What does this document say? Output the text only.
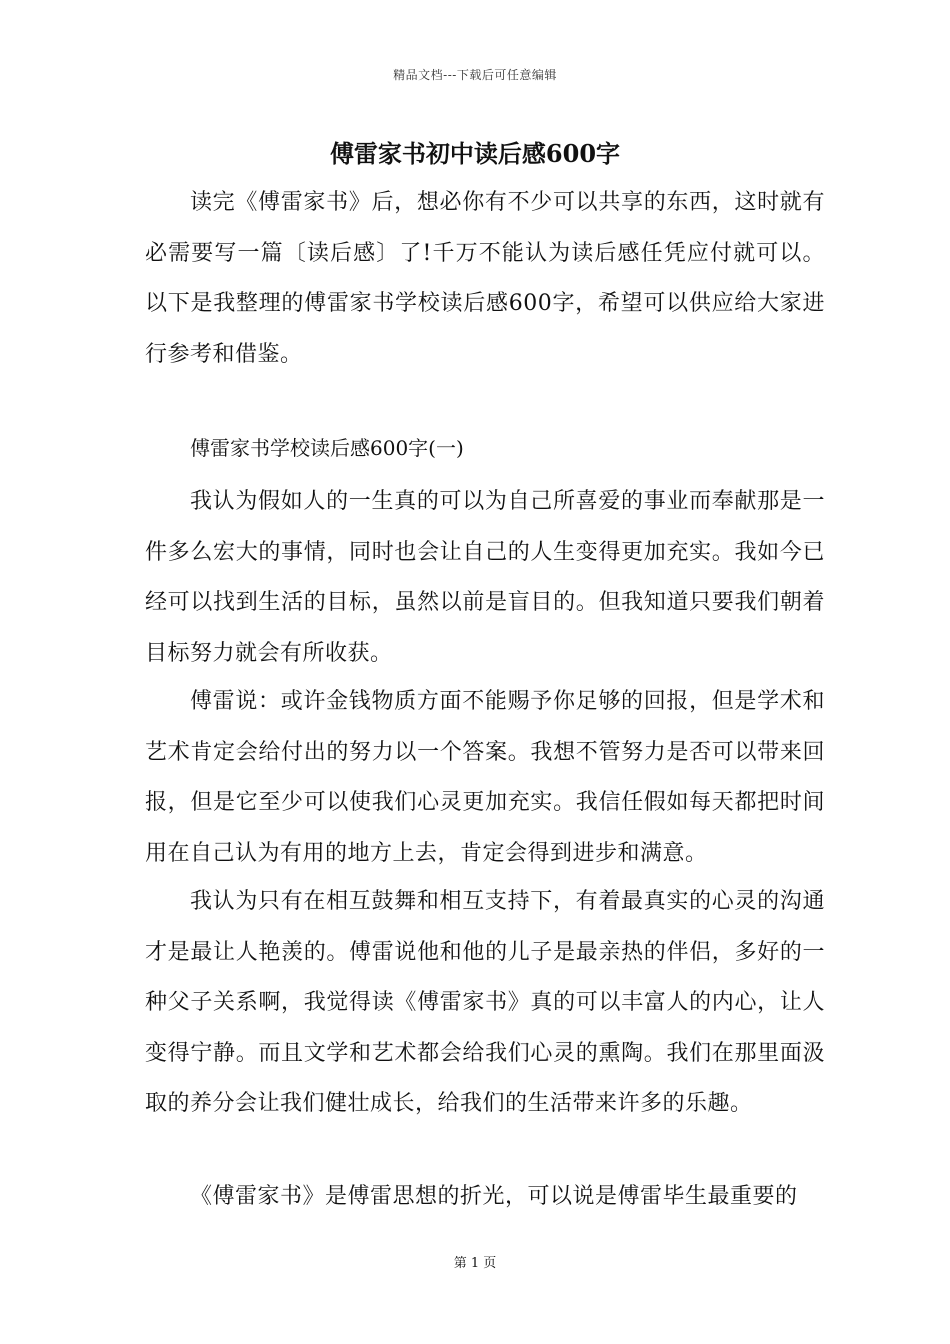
精品文档---下载后可任意编辑
傅雷家书初中读后感600字

读完《傅雷家书》后，想必你有不少可以共享的东西，这时就有必需要写一篇〔读后感〕了!千万不能认为读后感任凭应付就可以。以下是我整理的傅雷家书学校读后感600字，希望可以供应给大家进行参考和借鉴。

傅雷家书学校读后感600字(一)

我认为假如人的一生真的可以为自己所喜爱的事业而奉献那是一件多么宏大的事情，同时也会让自己的人生变得更加充实。我如今已经可以找到生活的目标，虽然以前是盲目的。但我知道只要我们朝着目标努力就会有所收获。

傅雷说：或许金钱物质方面不能赐予你足够的回报，但是学术和艺术肯定会给付出的努力以一个答案。我想不管努力是否可以带来回报，但是它至少可以使我们心灵更加充实。我信任假如每天都把时间用在自己认为有用的地方上去，肯定会得到进步和满意。

我认为只有在相互鼓舞和相互支持下，有着最真实的心灵的沟通才是最让人艳羡的。傅雷说他和他的儿子是最亲热的伴侣，多好的一种父子关系啊，我觉得读《傅雷家书》真的可以丰富人的内心，让人变得宁静。而且文学和艺术都会给我们心灵的熏陶。我们在那里面汲取的养分会让我们健壮成长，给我们的生活带来许多的乐趣。

《傅雷家书》是傅雷思想的折光，可以说是傅雷毕生最重要的

第 1 页
